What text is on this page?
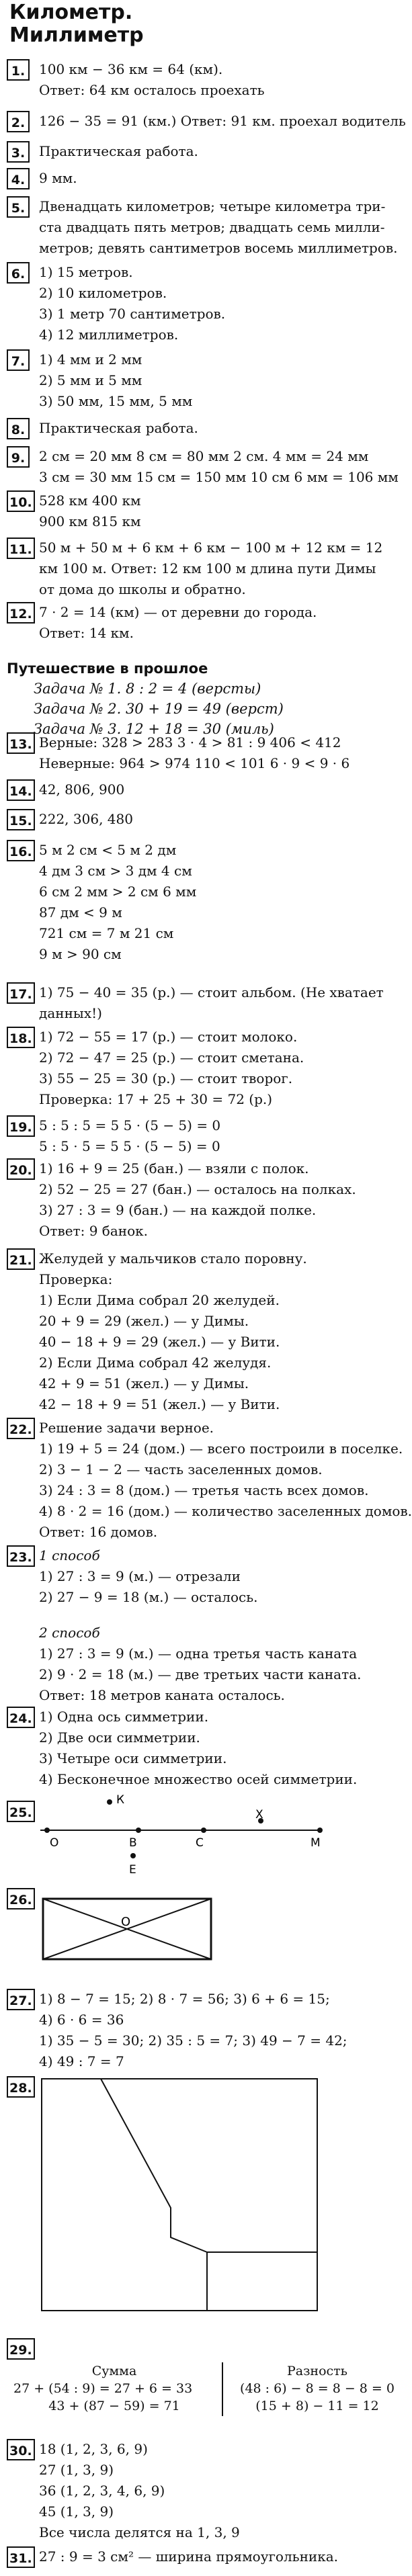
Километр.
Миллиметр
1.	100 км − 36 км = 64 (км).
Ответ: 64 км осталось проехать
2.	126 − 35 = 91 (км.) Ответ: 91 км. проехал водитель
3.	Практическая работа.
4.	9 мм.
5.	Двенадцать километров; четыре километра три-
ста двадцать пять метров; двадцать семь милли-
метров; девять сантиметров восемь миллиметров.
6.	1) 15 метров.
2) 10 километров.
3) 1 метр 70 сантиметров.
4) 12 миллиметров.
7.	1) 4 мм и 2 мм
2) 5 мм и 5 мм
3) 50 мм, 15 мм, 5 мм
8.	Практическая работа.
9.	2 см = 20 мм 8 см = 80 мм 2 см. 4 мм = 24 мм
3 см = 30 мм 15 см = 150 мм 10 см 6 мм = 106 мм
10. 528 км 400 км
900 км 815 км
11. 50 м + 50 м + 6 км + 6 км − 100 м + 12 км = 12
км 100 м. Ответ: 12 км 100 м длина пути Димы
от дома до школы и обратно.
12. 7 · 2 = 14 (км) — от деревни до города.
Ответ: 14 км.
13. Верные: 328 > 283 3 · 4 > 81 : 9 406 < 412
Неверные: 964 > 974 110 < 101 6 · 9 < 9 · 6
14. 42, 806, 900
15. 222, 306, 480
16. 5 м 2 см < 5 м 2 дм
4 дм 3 см > 3 дм 4 см
6 см 2 мм > 2 см 6 мм
87 дм < 9 м
721 см = 7 м 21 см
9 м > 90 см
17. 1) 75 − 40 = 35 (р.) — стоит альбом. (Не хватает
данных!)
18. 1) 72 − 55 = 17 (р.) — стоит молоко.
2) 72 − 47 = 25 (р.) — стоит сметана.
3) 55 − 25 = 30 (р.) — стоит творог.
Проверка: 17 + 25 + 30 = 72 (р.)
19. 5 : 5 : 5 = 5 5 · (5 − 5) = 0
5 : 5 · 5 = 5 5 · (5 − 5) = 0
20. 1) 16 + 9 = 25 (бан.) — взяли с полок.
2) 52 − 25 = 27 (бан.) — осталось на полках.
3) 27 : 3 = 9 (бан.) — на каждой полке.
Ответ: 9 банок.
21. Желудей у мальчиков стало поровну.
Проверка:
1) Если Дима собрал 20 желудей.
20 + 9 = 29 (жел.) — у Димы.
40 − 18 + 9 = 29 (жел.) — у Вити.
2) Если Дима собрал 42 желудя.
42 + 9 = 51 (жел.) — у Димы.
42 − 18 + 9 = 51 (жел.) — у Вити.
22. Решение задачи верное.
1) 19 + 5 = 24 (дом.) — всего построили в поселке.
2) 3 − 1 − 2 — часть заселенных домов.
3) 24 : 3 = 8 (дом.) — третья часть всех домов.
4) 8 · 2 = 16 (дом.) — количество заселенных домов.
Ответ: 16 домов.
23. 1 способ
1) 27 : 3 = 9 (м.) — отрезали
2) 27 − 9 = 18 (м.) — осталось.
2 способ
1) 27 : 3 = 9 (м.) — одна третья часть каната
2) 9 · 2 = 18 (м.) — две третьих части каната.
Ответ: 18 метров каната осталось.
24. 1) Одна ось симметрии.
2) Две оси симметрии.
3) Четыре оси симметрии.
4) Бесконечное множество осей симметрии.
25.
О
К
В	С
Х
М
Е
26.
О
27. 1) 8 − 7 = 15; 2) 8 · 7 = 56; 3) 6 + 6 = 15;
4) 6 · 6 = 36
1) 35 − 5 = 30; 2) 35 : 5 = 7; 3) 49 − 7 = 42;
4) 49 : 7 = 7
28.
29.
Сумма
27 + (54 : 9) = 27 + 6 = 33
43 + (87 − 59) = 71
Разность
(48 : 6) − 8 = 8 − 8 = 0
(15 + 8) − 11 = 12
30. 18 (1, 2, 3, 6, 9)
27 (1, 3, 9)
36 (1, 2, 3, 4, 6, 9)
45 (1, 3, 9)
Все числа делятся на 1, 3, 9
31. 27 : 9 = 3 см² — ширина прямоугольника.
Путешествие в прошлое
Задача № 1. 8 : 2 = 4 (версты)
Задача № 2. 30 + 19 = 49 (верст)
Задача № 3. 12 + 18 = 30 (миль)
